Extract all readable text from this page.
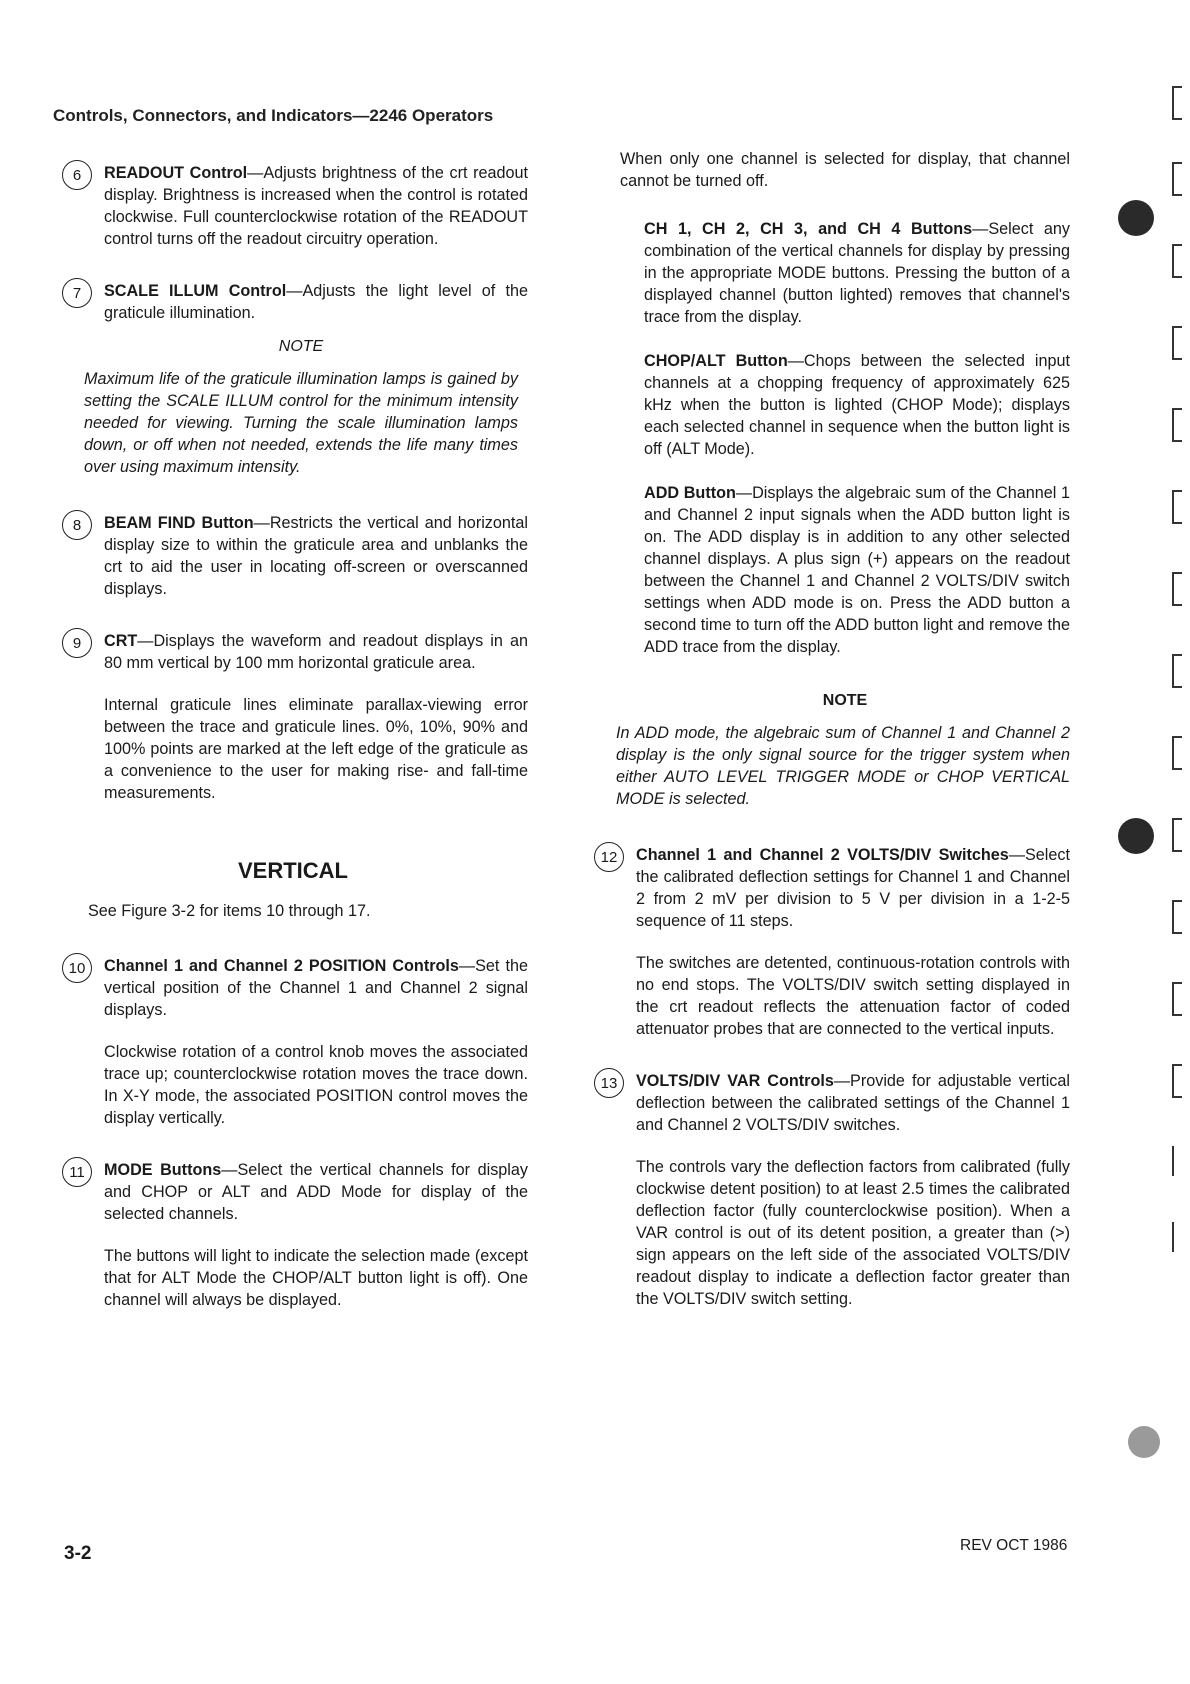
Controls, Connectors, and Indicators—2246 Operators
6	READOUT Control—Adjusts brightness of the crt readout display. Brightness is increased when the control is rotated clockwise. Full counterclockwise rotation of the READOUT control turns off the readout circuitry operation.

7	SCALE ILLUM Control—Adjusts the light level of the graticule illumination.

NOTE
Maximum life of the graticule illumination lamps is gained by setting the SCALE ILLUM control for the minimum intensity needed for viewing. Turning the scale illumination lamps down, or off when not needed, extends the life many times over using maximum intensity.
8	BEAM FIND Button—Restricts the vertical and horizontal display size to within the graticule area and unblanks the crt to aid the user in locating off-screen or overscanned displays.

9	CRT—Displays the waveform and readout displays in an 80 mm vertical by 100 mm horizontal graticule area.

Internal graticule lines eliminate parallax-viewing error between the trace and graticule lines. 0%, 10%, 90% and 100% points are marked at the left edge of the graticule as a convenience to the user for making rise- and fall-time measurements.

VERTICAL
See Figure 3-2 for items 10 through 17.
10	Channel 1 and Channel 2 POSITION Controls—Set the vertical position of the Channel 1 and Channel 2 signal displays.

Clockwise rotation of a control knob moves the associated trace up; counterclockwise rotation moves the trace down. In X-Y mode, the associated POSITION control moves the display vertically.

11	MODE Buttons—Select the vertical channels for display and CHOP or ALT and ADD Mode for display of the selected channels.

The buttons will light to indicate the selection made (except that for ALT Mode the CHOP/ALT button light is off). One channel will always be displayed.

When only one channel is selected for display, that channel cannot be turned off.

CH 1, CH 2, CH 3, and CH 4 Buttons—Select any combination of the vertical channels for display by pressing in the appropriate MODE buttons. Pressing the button of a displayed channel (button lighted) removes that channel's trace from the display.

CHOP/ALT Button—Chops between the selected input channels at a chopping frequency of approximately 625 kHz when the button is lighted (CHOP Mode); displays each selected channel in sequence when the button light is off (ALT Mode).

ADD Button—Displays the algebraic sum of the Channel 1 and Channel 2 input signals when the ADD button light is on. The ADD display is in addition to any other selected channel displays. A plus sign (+) appears on the readout between the Channel 1 and Channel 2 VOLTS/DIV switch settings when ADD mode is on. Press the ADD button a second time to turn off the ADD button light and remove the ADD trace from the display.

NOTE
In ADD mode, the algebraic sum of Channel 1 and Channel 2 display is the only signal source for the trigger system when either AUTO LEVEL TRIGGER MODE or CHOP VERTICAL MODE is selected.
12	Channel 1 and Channel 2 VOLTS/DIV Switches—Select the calibrated deflection settings for Channel 1 and Channel 2 from 2 mV per division to 5 V per division in a 1-2-5 sequence of 11 steps.

The switches are detented, continuous-rotation controls with no end stops. The VOLTS/DIV switch setting displayed in the crt readout reflects the attenuation factor of coded attenuator probes that are connected to the vertical inputs.

13	VOLTS/DIV VAR Controls—Provide for adjustable vertical deflection between the calibrated settings of the Channel 1 and Channel 2 VOLTS/DIV switches.

The controls vary the deflection factors from calibrated (fully clockwise detent position) to at least 2.5 times the calibrated deflection factor (fully counterclockwise position). When a VAR control is out of its detent position, a greater than (>) sign appears on the left side of the associated VOLTS/DIV readout display to indicate a deflection factor greater than the VOLTS/DIV switch setting.

3-2	REV OCT 1986
